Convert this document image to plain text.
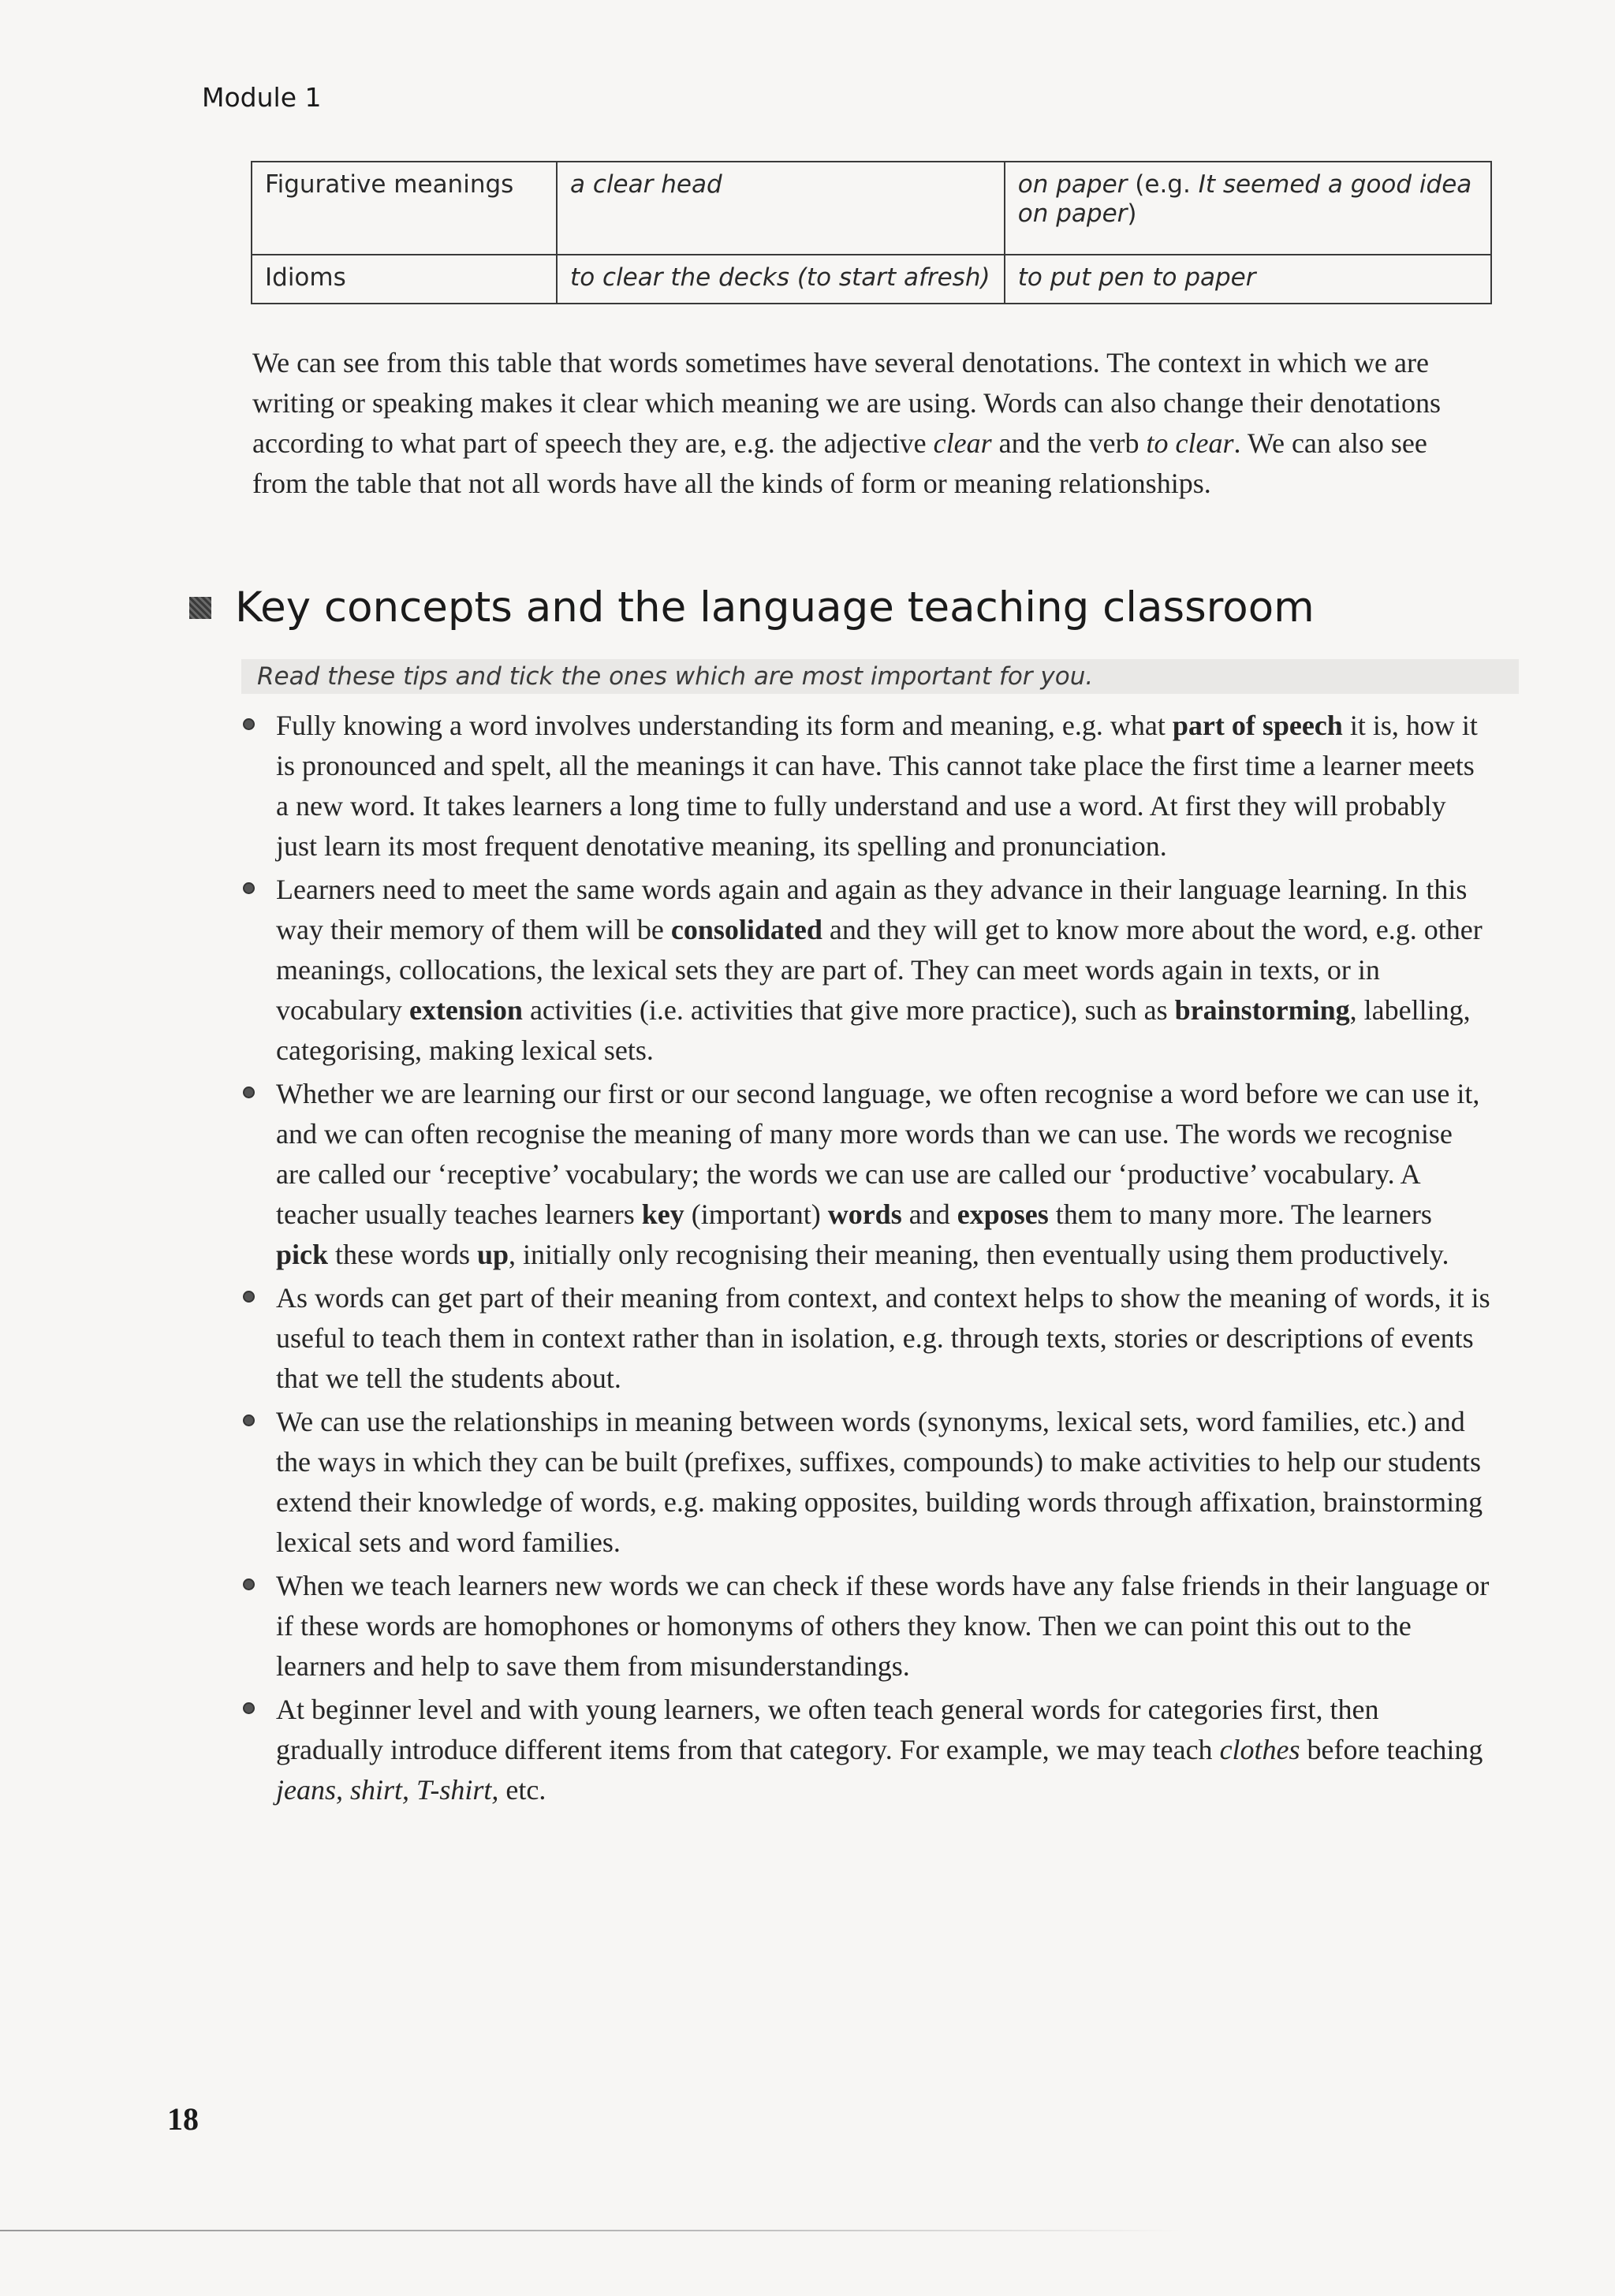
Module 1
Figurative meanings	a clear head	on paper (e.g. It seemed a good idea on paper)
Idioms	to clear the decks (to start afresh)	to put pen to paper

We can see from this table that words sometimes have several denotations. The context in which we are writing or speaking makes it clear which meaning we are using. Words can also change their denotations according to what part of speech they are, e.g. the adjective clear and the verb to clear. We can also see from the table that not all words have all the kinds of form or meaning relationships.

Key concepts and the language teaching classroom
Read these tips and tick the ones which are most important for you.
Fully knowing a word involves understanding its form and meaning, e.g. what part of speech it is, how it is pronounced and spelt, all the meanings it can have. This cannot take place the first time a learner meets a new word. It takes learners a long time to fully understand and use a word. At first they will probably just learn its most frequent denotative meaning, its spelling and pronunciation.
Learners need to meet the same words again and again as they advance in their language learning. In this way their memory of them will be consolidated and they will get to know more about the word, e.g. other meanings, collocations, the lexical sets they are part of. They can meet words again in texts, or in vocabulary extension activities (i.e. activities that give more practice), such as brainstorming, labelling, categorising, making lexical sets.
Whether we are learning our first or our second language, we often recognise a word before we can use it, and we can often recognise the meaning of many more words than we can use. The words we recognise are called our ‘receptive’ vocabulary; the words we can use are called our ‘productive’ vocabulary. A teacher usually teaches learners key (important) words and exposes them to many more. The learners pick these words up, initially only recognising their meaning, then eventually using them productively.
As words can get part of their meaning from context, and context helps to show the meaning of words, it is useful to teach them in context rather than in isolation, e.g. through texts, stories or descriptions of events that we tell the students about.
We can use the relationships in meaning between words (synonyms, lexical sets, word families, etc.) and the ways in which they can be built (prefixes, suffixes, compounds) to make activities to help our students extend their knowledge of words, e.g. making opposites, building words through affixation, brainstorming lexical sets and word families.
When we teach learners new words we can check if these words have any false friends in their language or if these words are homophones or homonyms of others they know. Then we can point this out to the learners and help to save them from misunderstandings.
At beginner level and with young learners, we often teach general words for categories first, then gradually introduce different items from that category. For example, we may teach clothes before teaching jeans, shirt, T-shirt, etc.
18
